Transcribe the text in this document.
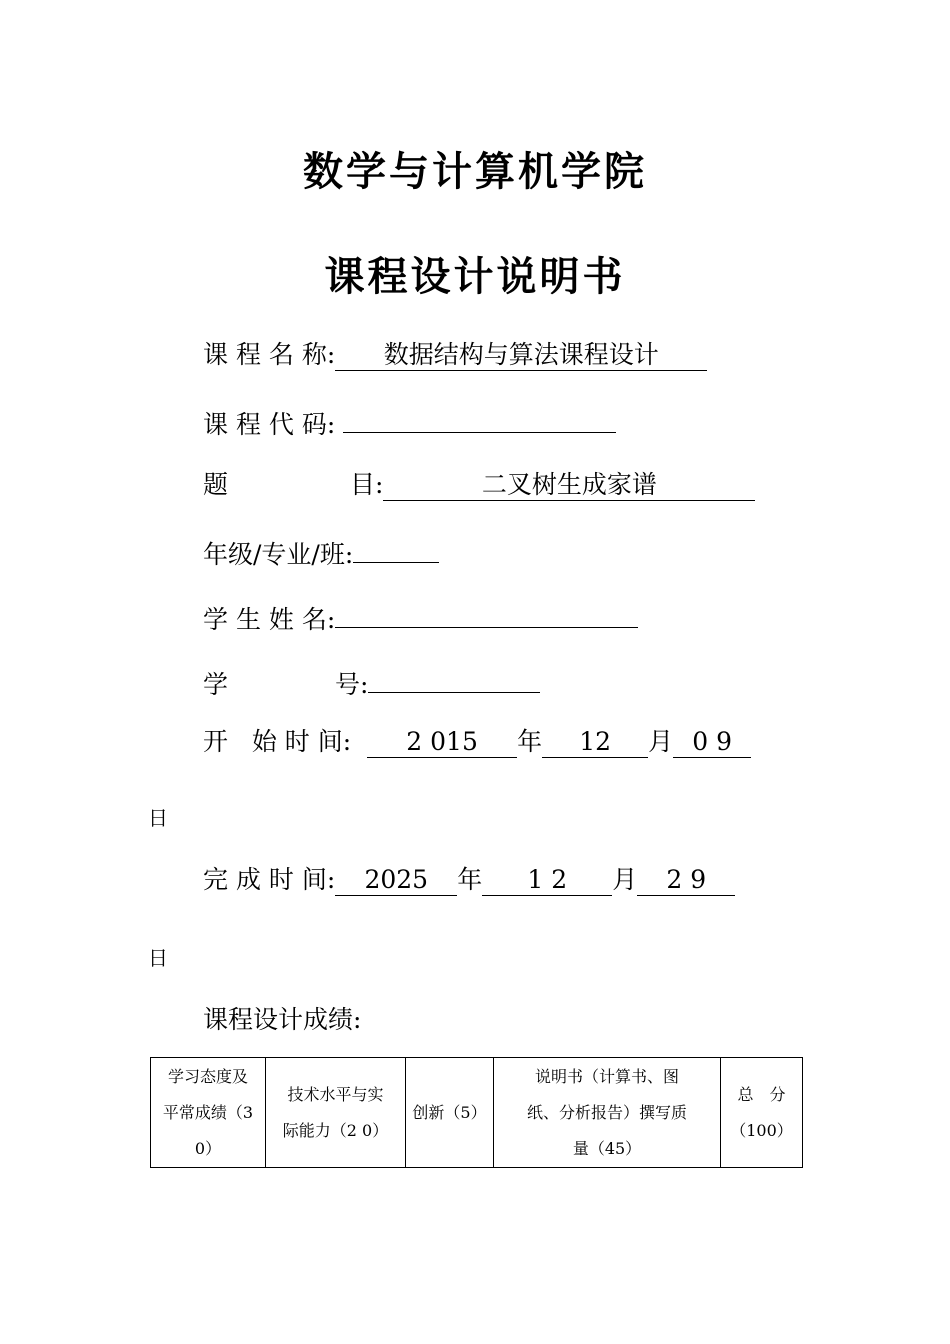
数学与计算机学院
课程设计说明书
课 程 名 称: 数据结构与算法课程设计
课 程 代 码:
题	目:	二叉树生成家谱
年级/专业/班:
学 生 姓 名:
学	号:
开   始 时 间: 2 015 年 12 月 0 9
日
完 成 时 间: 2025 年 1 2 月 2 9
日
课程设计成绩:
学习态度及
平常成绩（3
0）

技术水平与实
际能力（2 0）

创新（5）

说明书（计算书、图
纸、分析报告）撰写质
量（45）

总　分
（100）
